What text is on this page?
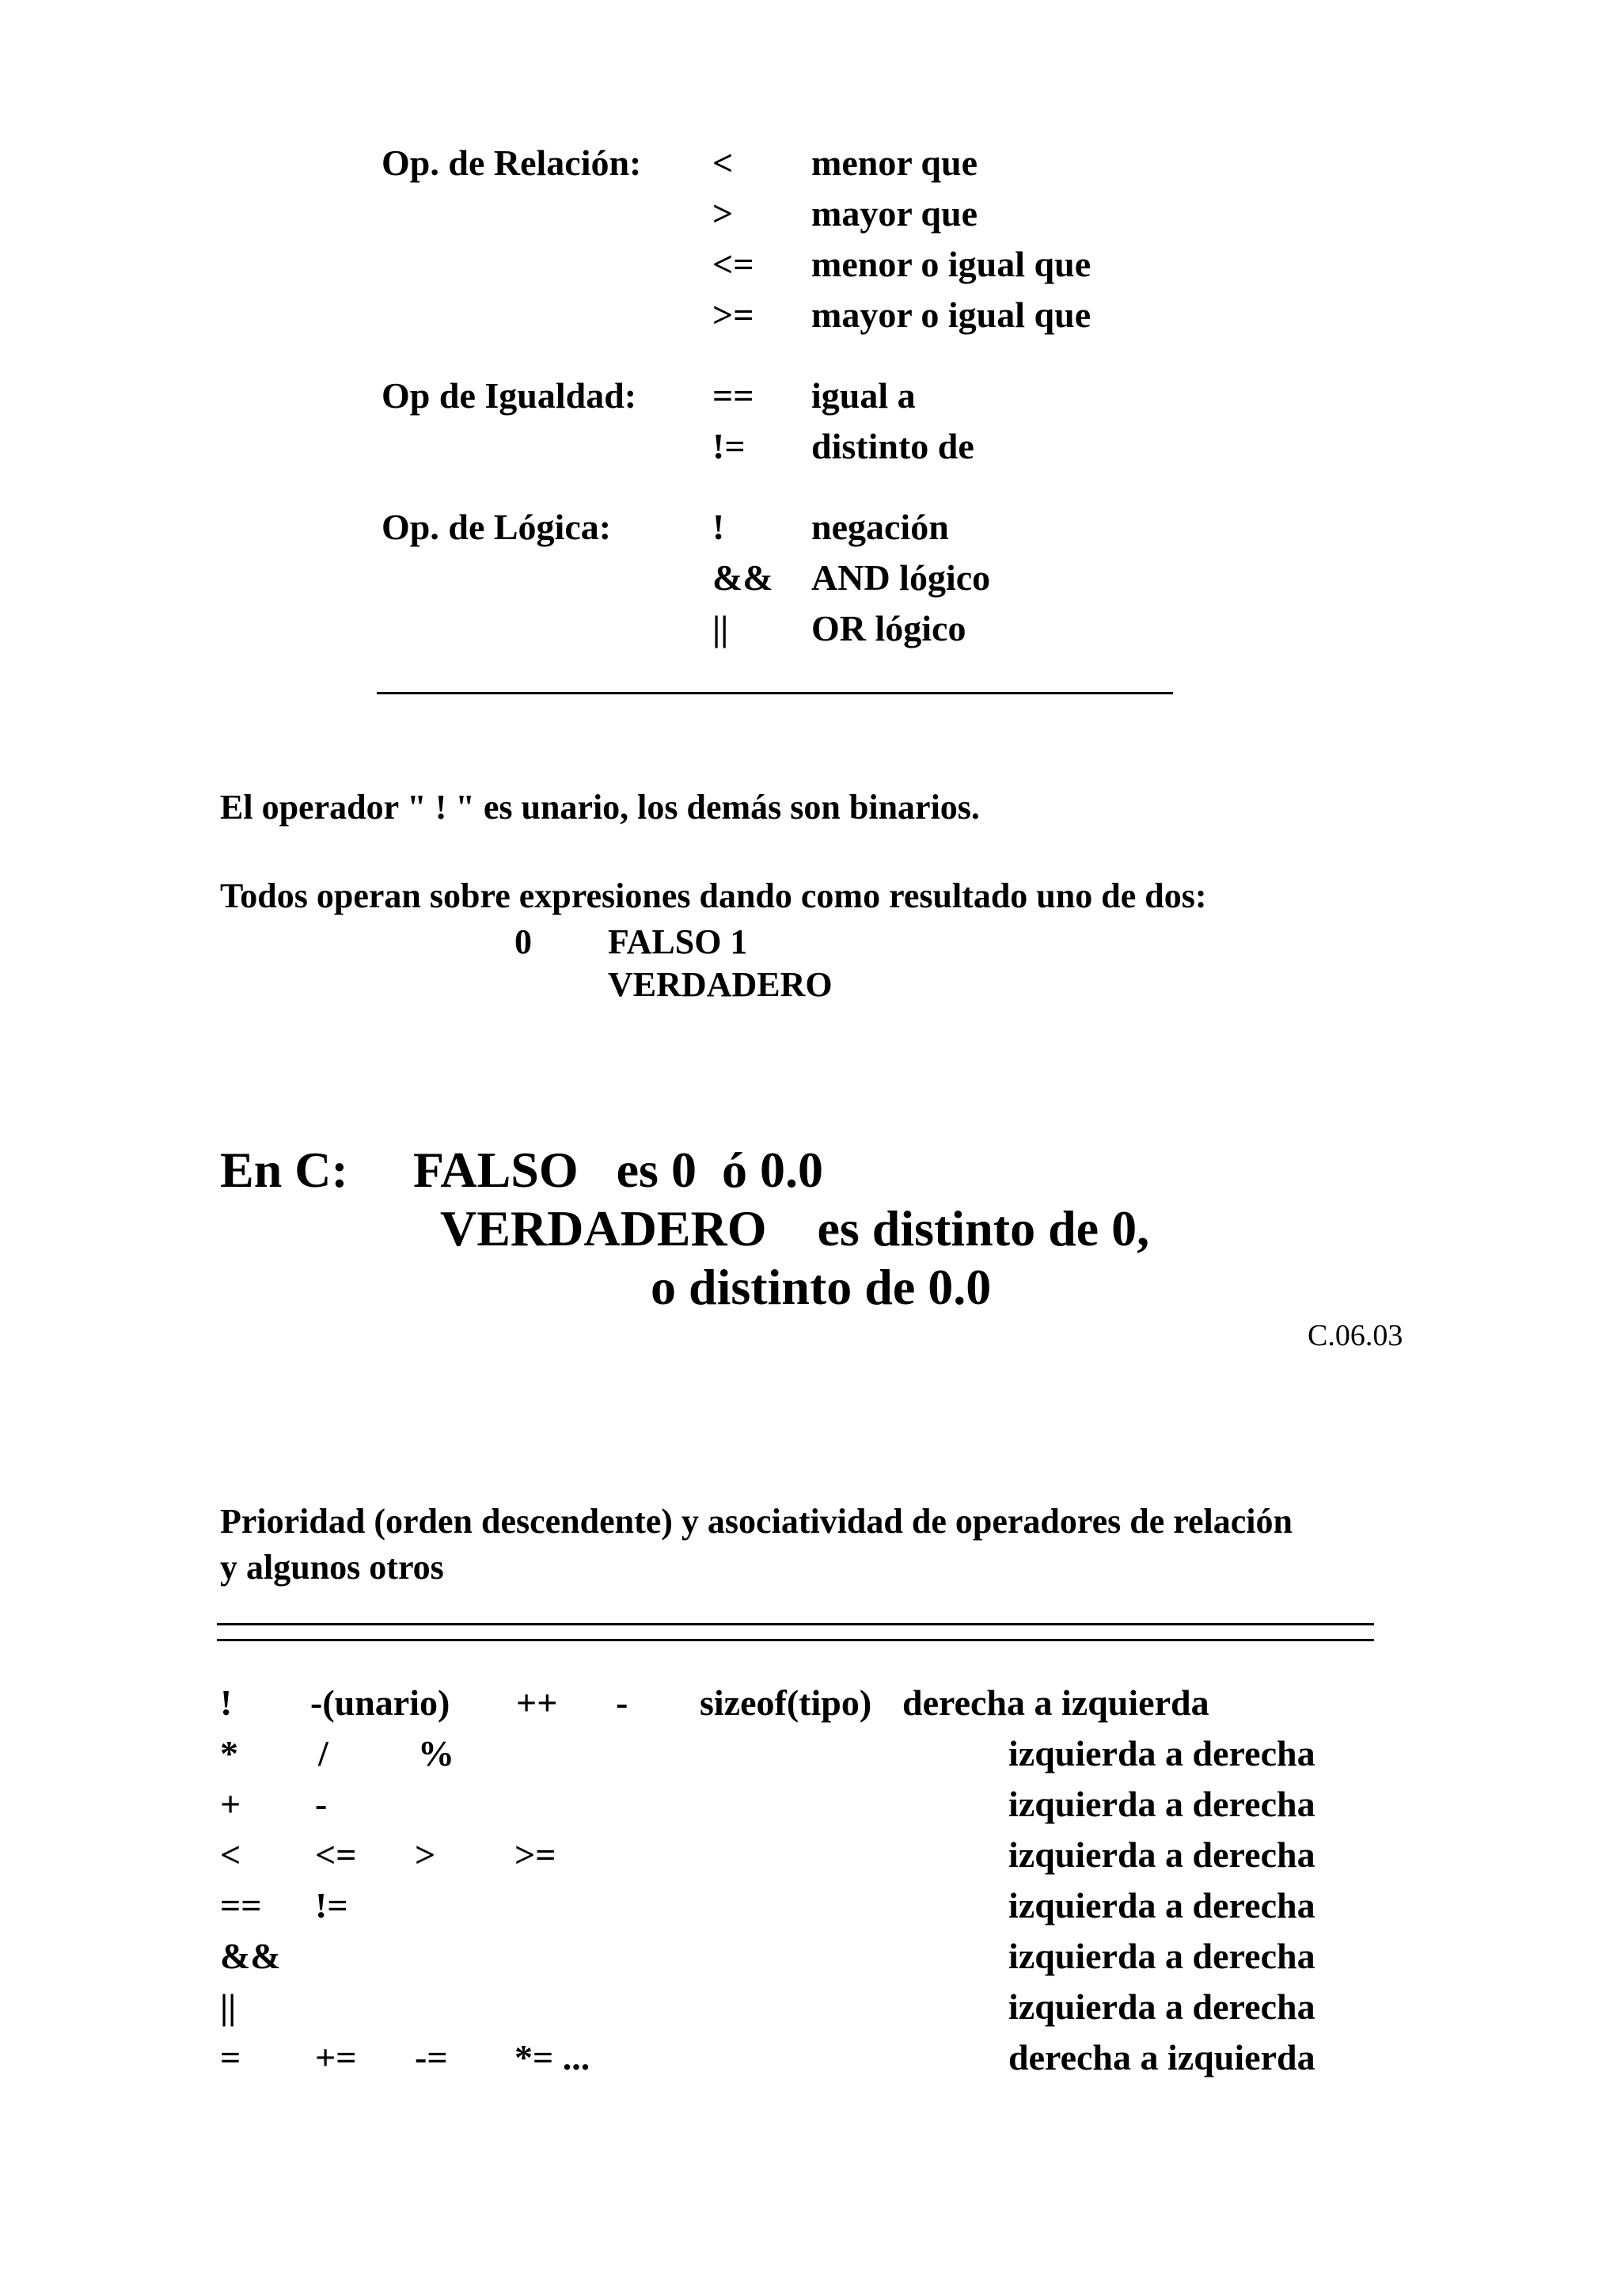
Op. de Relación: < menor que
> mayor que
<= menor o igual que
>= mayor o igual que
Op de Igualdad: == igual a
!= distinto de
Op. de Lógica:	! negación
&& AND lógico
|| OR lógico
El operador " ! " es unario, los demás son binarios.
Todos operan sobre expresiones dando como resultado uno de dos:
0 FALSO 1
VERDADERO
En C: FALSO   es 0  ó 0.0
VERDADERO    es distinto de 0,
o distinto de 0.0
C.06.03
Prioridad (orden descendente) y asociatividad de operadores de relación
y algunos otros
! -(unario) ++ - sizeof(tipo) derecha a izquierda
* / %	izquierda a derecha
+ -	izquierda a derecha
< <= > >=	izquierda a derecha
== !=	izquierda a derecha
&&	izquierda a derecha
||	izquierda a derecha
= += -= *= ...	derecha a izquierda
